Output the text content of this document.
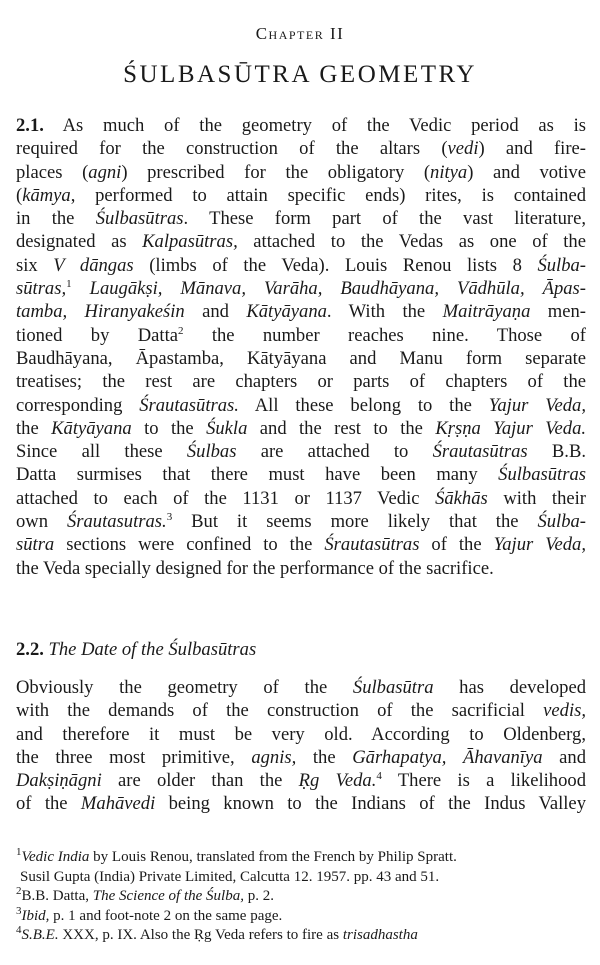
Chapter II
ŚULBASŪTRA GEOMETRY
2.1. As much of the geometry of the Vedic period as is
required for the construction of the altars (vedi) and fire-
places (agni) prescribed for the obligatory (nitya) and votive
(kāmya, performed to attain specific ends) rites, is contained
in the Śulbasūtras. These form part of the vast literature,
designated as Kalpasūtras, attached to the Vedas as one of the
six V dāngas (limbs of the Veda). Louis Renou lists 8 Śulba-
sūtras,$^1$ Laugākṣi, Mānava, Varāha, Baudhāyana, Vādhūla, Āpas-
tamba, Hiranyakeśin and Kātyāyana. With the Maitrāyaṇa men-
tioned by Datta$^2$ the number reaches nine. Those of
Baudhāyana, Āpastamba, Kātyāyana and Manu form separate
treatises; the rest are chapters or parts of chapters of the
corresponding Śrautasūtras. All these belong to the Yajur Veda,
the Kātyāyana to the Śukla and the rest to the Kṛṣṇa Yajur Veda.
Since all these Śulbas are attached to Śrautasūtras B.B.
Datta surmises that there must have been many Śulbasūtras
attached to each of the 1131 or 1137 Vedic Śākhās with their
own Śrautasutras.$^3$ But it seems more likely that the Śulba-
sūtra sections were confined to the Śrautasūtras of the Yajur Veda,
the Veda specially designed for the performance of the sacrifice.
2.2. The Date of the Śulbasūtras
Obviously the geometry of the Śulbasūtra has developed
with the demands of the construction of the sacrificial vedis,
and therefore it must be very old. According to Oldenberg,
the three most primitive, agnis, the Gārhapatya, Āhavanīya and
Dakṣiṇāgni are older than the Ṛg Veda.$^4$ There is a likelihood
of the Mahāvedi being known to the Indians of the Indus Valley
$^1$Vedic India by Louis Renou, translated from the French by Philip Spratt.
Susil Gupta (India) Private Limited, Calcutta 12. 1957. pp. 43 and 51.
$^2$B.B. Datta, The Science of the Śulba, p. 2.
$^3$Ibid, p. 1 and foot-note 2 on the same page.
$^4$S.B.E. XXX, p. IX. Also the Ṛg Veda refers to fire as trisadhastha
